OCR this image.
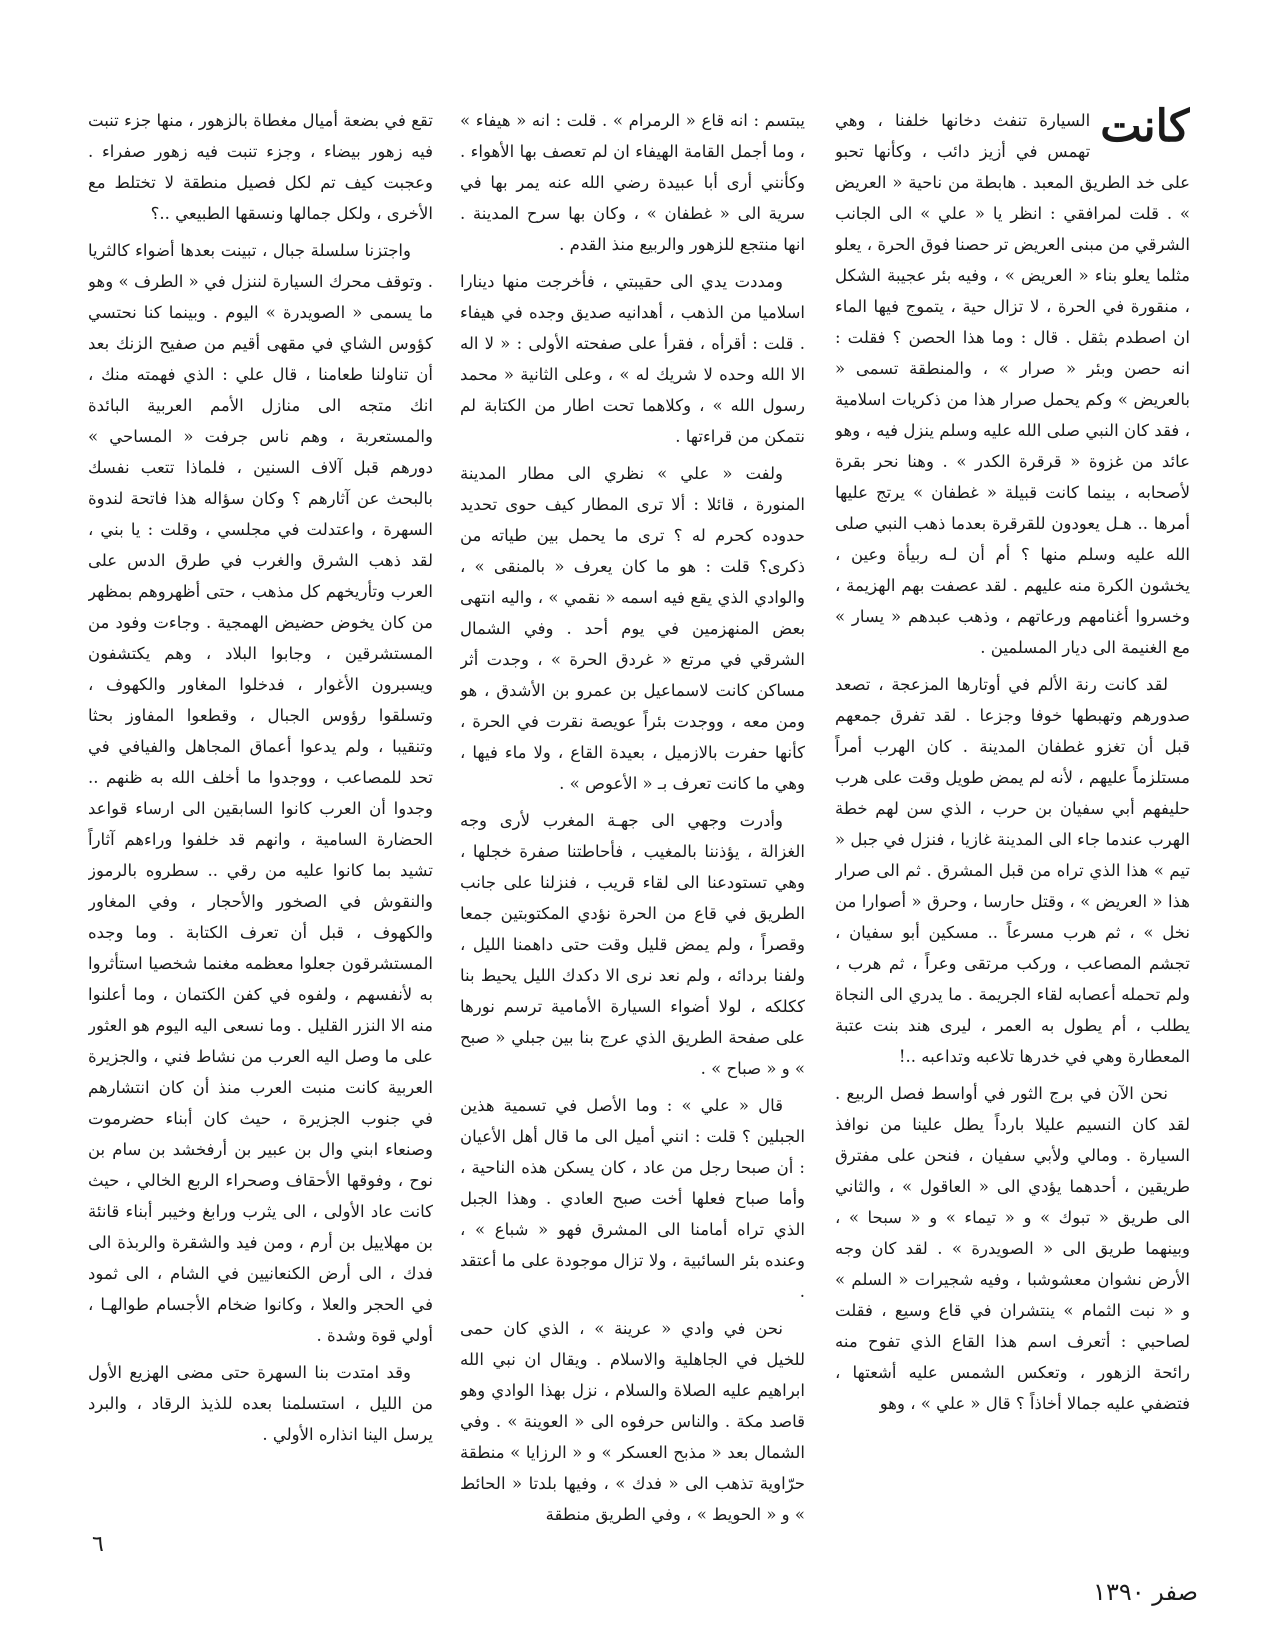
كانت
السيارة تنفث دخانها خلفنا ، وهي تهمس في أزيز دائب ، وكأنها تحبو على خد الطريق المعبد . هابطة من ناحية « العريض » . قلت لمرافقي : انظر يا « علي » الى الجانب الشرقي من مبنى العريض تر حصنا فوق الحرة ، يعلو مثلما يعلو بناء « العريض » ، وفيه بئر عجيبة الشكل ، منقورة في الحرة ، لا تزال حية ، يتموج فيها الماء ان اصطدم بثقل . قال : وما هذا الحصن ؟ فقلت : انه حصن وبئر « صرار » ، والمنطقة تسمى « بالعريض » وكم يحمل صرار هذا من ذكريات اسلامية ، فقد كان النبي صلى الله عليه وسلم ينزل فيه ، وهو عائد من غزوة « قرقرة الكدر » . وهنا نحر بقرة لأصحابه ، بينما كانت قبيلة « غطفان » يرتج عليها أمرها .. هـل يعودون للقرقرة بعدما ذهب النبي صلى الله عليه وسلم منها ؟ أم أن لـه ربيأة وعين ، يخشون الكرة منه عليهم . لقد عصفت بهم الهزيمة ، وخسروا أغنامهم ورعاتهم ، وذهب عبدهم « يسار » مع الغنيمة الى ديار المسلمين .

لقد كانت رنة الألم في أوتارها المزعجة ، تصعد صدورهم وتهبطها خوفا وجزعا . لقد تفرق جمعهم قبل أن تغزو غطفان المدينة . كان الهرب أمراً مستلزماً عليهم ، لأنه لم يمض طويل وقت على هرب حليفهم أبي سفيان بن حرب ، الذي سن لهم خطة الهرب عندما جاء الى المدينة غازيا ، فنزل في جبل « تيم » هذا الذي تراه من قبل المشرق . ثم الى صرار هذا « العريض » ، وقتل حارسا ، وحرق « أصوارا من نخل » ، ثم هرب مسرعاً .. مسكين أبو سفيان ، تجشم المصاعب ، وركب مرتقى وعراً ، ثم هرب ، ولم تحمله أعصابه لقاء الجريمة . ما يدري الى النجاة يطلب ، أم يطول به العمر ، ليرى هند بنت عتبة المعطارة وهي في خدرها تلاعبه وتداعبه ..!

نحن الآن في برج الثور في أواسط فصل الربيع . لقد كان النسيم عليلا بارداً يطل علينا من نوافذ السيارة . ومالي ولأبي سفيان ، فنحن على مفترق طريقين ، أحدهما يؤدي الى « العاقول » ، والثاني الى طريق « تبوك » و « تيماء » و « سبحا » ، وبينهما طريق الى « الصويدرة » . لقد كان وجه الأرض نشوان معشوشبا ، وفيه شجيرات « السلم » و « نبت الثمام » ينتشران في قاع وسيع ، فقلت لصاحبي : أتعرف اسم هذا القاع الذي تفوح منه رائحة الزهور ، وتعكس الشمس عليه أشعتها ، فتضفي عليه جمالا أخاذاً ؟ قال « علي » ، وهو

يبتسم : انه قاع « الرمرام » . قلت : انه « هيفاء » ، وما أجمل القامة الهيفاء ان لم تعصف بها الأهواء . وكأنني أرى أبا عبيدة رضي الله عنه يمر بها في سرية الى « غطفان » ، وكان بها سرح المدينة . انها منتجع للزهور والربيع منذ القدم .

ومددت يدي الى حقيبتي ، فأخرجت منها دينارا اسلاميا من الذهب ، أهدانيه صديق وجده في هيفاء . قلت : أقرأه ، فقرأ على صفحته الأولى : « لا اله الا الله وحده لا شريك له » ، وعلى الثانية « محمد رسول الله » ، وكلاهما تحت اطار من الكتابة لم نتمكن من قراءتها .

ولفت « علي » نظري الى مطار المدينة المنورة ، قائلا : ألا ترى المطار كيف حوى تحديد حدوده كحرم له ؟ ترى ما يحمل بين طياته من ذكرى؟ قلت : هو ما كان يعرف « بالمنقى » ، والوادي الذي يقع فيه اسمه « نقمي » ، واليه انتهى بعض المنهزمين في يوم أحد . وفي الشمال الشرقي في مرتع « غردق الحرة » ، وجدت أثر مساكن كانت لاسماعيل بن عمرو بن الأشدق ، هو ومن معه ، ووجدت بئراً عويصة نقرت في الحرة ، كأنها حفرت بالازميل ، بعيدة القاع ، ولا ماء فيها ، وهي ما كانت تعرف بـ « الأعوص » .

وأدرت وجهي الى جهـة المغرب لأرى وجه الغزالة ، يؤذننا بالمغيب ، فأحاطتنا صفرة خجلها ، وهي تستودعنا الى لقاء قريب ، فنزلنا على جانب الطريق في قاع من الحرة نؤدي المكتوبتين جمعا وقصراً ، ولم يمض قليل وقت حتى داهمنا الليل ، ولفنا بردائه ، ولم نعد نرى الا دكدك الليل يحيط بنا ككلكه ، لولا أضواء السيارة الأمامية ترسم نورها على صفحة الطريق الذي عرج بنا بين جبلي « صبح » و « صباح » .

قال « علي » : وما الأصل في تسمية هذين الجبلين ؟ قلت : انني أميل الى ما قال أهل الأعيان : أن صبحا رجل من عاد ، كان يسكن هذه الناحية ، وأما صباح فعلها أخت صبح العادي . وهذا الجبل الذي تراه أمامنا الى المشرق فهو « شباع » ، وعنده بئر السائبية ، ولا تزال موجودة على ما أعتقد .

نحن في وادي « عرينة » ، الذي كان حمى للخيل في الجاهلية والاسلام . ويقال ان نبي الله ابراهيم عليه الصلاة والسلام ، نزل بهذا الوادي وهو قاصد مكة . والناس حرفوه الى « العوينة » . وفي الشمال بعد « مذبح العسكر » و « الرزايا » منطقة حرّاوية تذهب الى « فدك » ، وفيها بلدتا « الحائط » و « الحويط » ، وفي الطريق منطقة

تقع في بضعة أميال مغطاة بالزهور ، منها جزء تنبت فيه زهور بيضاء ، وجزء تنبت فيه زهور صفراء . وعجبت كيف تم لكل فصيل منطقة لا تختلط مع الأخرى ، ولكل جمالها ونسقها الطبيعي ..؟

واجتزنا سلسلة جبال ، تبينت بعدها أضواء كالثريا . وتوقف محرك السيارة لننزل في « الطرف » وهو ما يسمى « الصويدرة » اليوم . وبينما كنا نحتسي كؤوس الشاي في مقهى أقيم من صفيح الزنك بعد أن تناولنا طعامنا ، قال علي : الذي فهمته منك ، انك متجه الى منازل الأمم العربية البائدة والمستعربة ، وهم ناس جرفت « المساحي » دورهم قبل آلاف السنين ، فلماذا تتعب نفسك بالبحث عن آثارهم ؟ وكان سؤاله هذا فاتحة لندوة السهرة ، واعتدلت في مجلسي ، وقلت : يا بني ، لقد ذهب الشرق والغرب في طرق الدس على العرب وتأريخهم كل مذهب ، حتى أظهروهم بمظهر من كان يخوض حضيض الهمجية . وجاءت وفود من المستشرقين ، وجابوا البلاد ، وهم يكتشفون ويسبرون الأغوار ، فدخلوا المغاور والكهوف ، وتسلقوا رؤوس الجبال ، وقطعوا المفاوز بحثا وتنقيبا ، ولم يدعوا أعماق المجاهل والفيافي في تحد للمصاعب ، ووجدوا ما أخلف الله به ظنهم .. وجدوا أن العرب كانوا السابقين الى ارساء قواعد الحضارة السامية ، وانهم قد خلفوا وراءهم آثاراً تشيد بما كانوا عليه من رقي .. سطروه بالرموز والنقوش في الصخور والأحجار ، وفي المغاور والكهوف ، قبل أن تعرف الكتابة . وما وجده المستشرقون جعلوا معظمه مغنما شخصيا استأثروا به لأنفسهم ، ولفوه في كفن الكتمان ، وما أعلنوا منه الا النزر القليل . وما نسعى اليه اليوم هو العثور على ما وصل اليه العرب من نشاط فني ، والجزيرة العربية كانت منبت العرب منذ أن كان انتشارهم في جنوب الجزيرة ، حيث كان أبناء حضرموت وصنعاء ابني وال بن عبير بن أرفخشد بن سام بن نوح ، وفوقها الأحقاف وصحراء الربع الخالي ، حيث كانت عاد الأولى ، الى يثرب ورابغ وخيبر أبناء قانئة بن مهلاييل بن أرم ، ومن فيد والشقرة والربذة الى فدك ، الى أرض الكنعانيين في الشام ، الى ثمود في الحجر والعلا ، وكانوا ضخام الأجسام طوالهـا ، أولي قوة وشدة .

وقد امتدت بنا السهرة حتى مضى الهزيع الأول من الليل ، استسلمنا بعده للذيذ الرقاد ، والبرد يرسل الينا انذاره الأولي .

٦
صفر ١٣٩٠
